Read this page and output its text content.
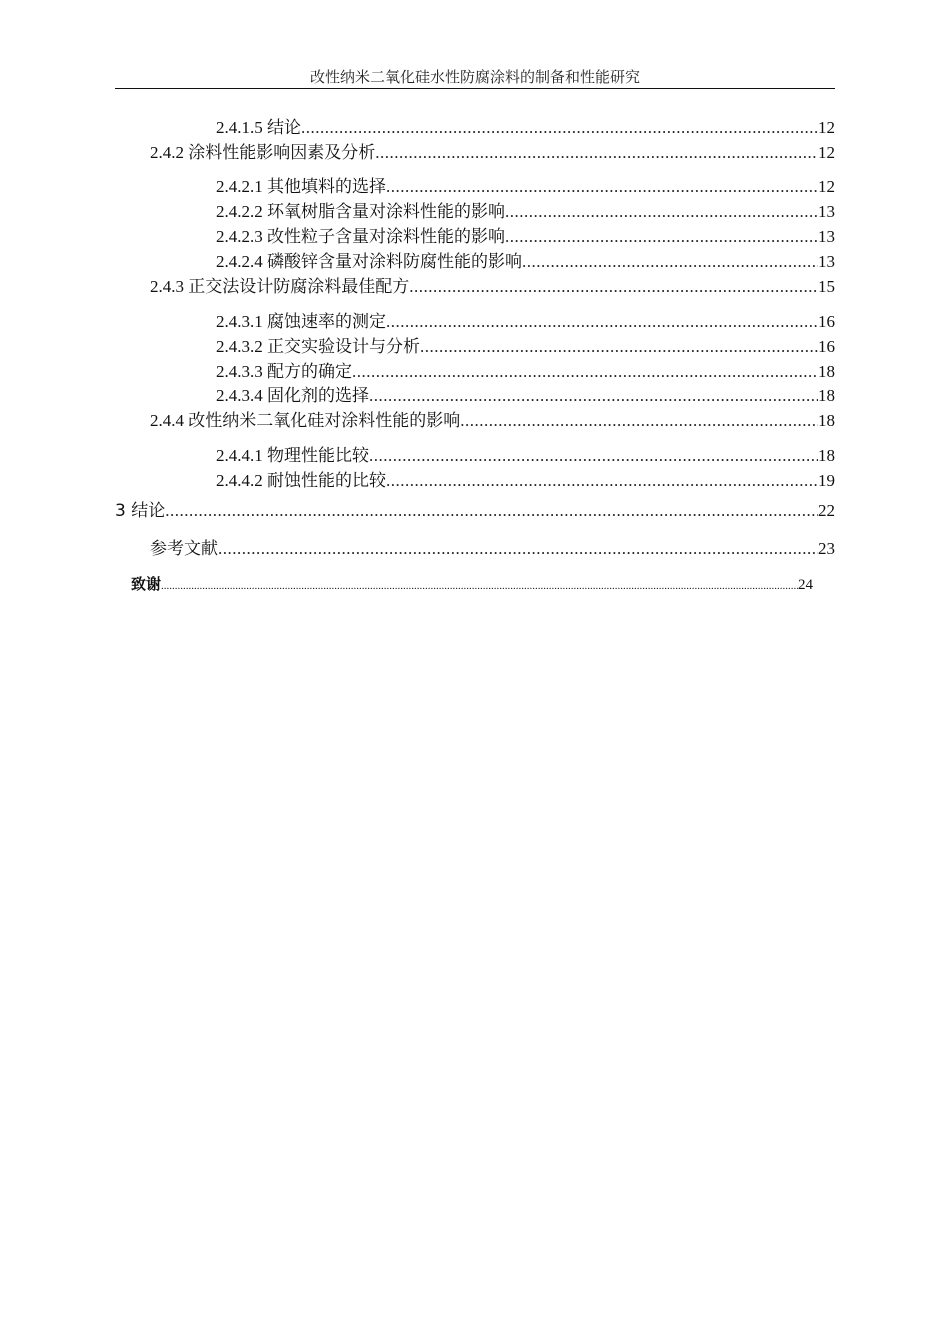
改性纳米二氧化硅水性防腐涂料的制备和性能研究
2.4.1.5 结论 .....	12
2.4.2 涂料性能影响因素及分析 .....	12
2.4.2.1 其他填料的选择 .....	12
2.4.2.2 环氧树脂含量对涂料性能的影响 .....	13
2.4.2.3 改性粒子含量对涂料性能的影响 .....	13
2.4.2.4 磷酸锌含量对涂料防腐性能的影响 .....	13
2.4.3 正交法设计防腐涂料最佳配方 .....	15
2.4.3.1 腐蚀速率的测定 .....	16
2.4.3.2 正交实验设计与分析 .....	16
2.4.3.3 配方的确定 .....	18
2.4.3.4 固化剂的选择 .....	18
2.4.4 改性纳米二氧化硅对涂料性能的影响 .....	18
2.4.4.1 物理性能比较 .....	18
2.4.4.2 耐蚀性能的比较 .....	19
3 结论 .....	22
参考文献 .....	23
致谢 .....	24
